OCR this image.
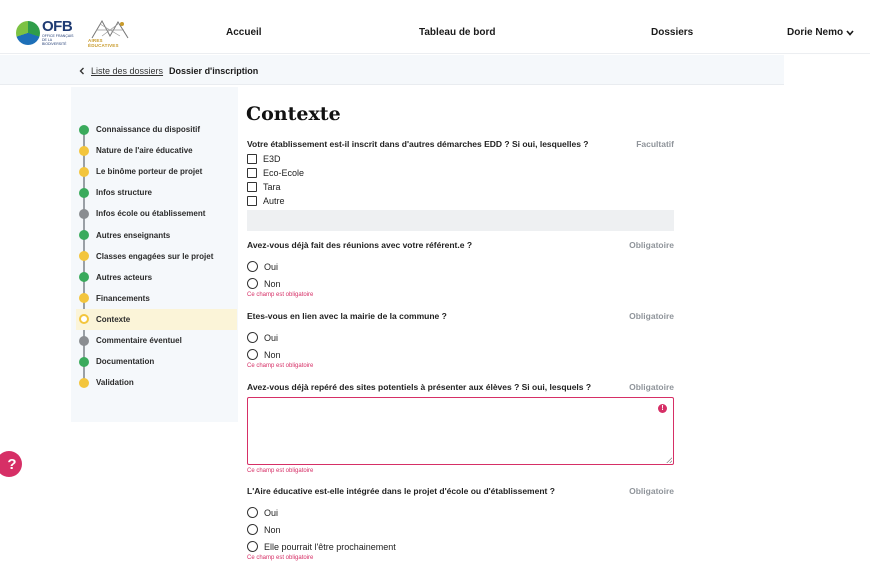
OFB
OFFICE FRANÇAIS DE LA BIODIVERSITÉ
AIRES ÉDUCATIVES
Accueil	Tableau de bord	Dossiers	Dorie Nemo
Liste des dossiers Dossier d'inscription
Connaissance du dispositif
Nature de l'aire éducative
Le binôme porteur de projet
Infos structure
Infos école ou établissement
Autres enseignants
Classes engagées sur le projet
Autres acteurs
Financements
Contexte
Commentaire éventuel
Documentation
Validation
?
Contexte
Votre établissement est-il inscrit dans d'autres démarches EDD ? Si oui, lesquelles ?	Facultatif
E3D
Eco-Ecole
Tara
Autre
Avez-vous déjà fait des réunions avec votre référent.e ?	Obligatoire
Oui
Non
Ce champ est obligatoire
Etes-vous en lien avec la mairie de la commune ?	Obligatoire
Oui
Non
Ce champ est obligatoire
Avez-vous déjà repéré des sites potentiels à présenter aux élèves ? Si oui, lesquels ?	Obligatoire
!
Ce champ est obligatoire
L'Aire éducative est-elle intégrée dans le projet d'école ou d'établissement ?	Obligatoire
Oui
Non
Elle pourrait l'être prochainement
Ce champ est obligatoire
